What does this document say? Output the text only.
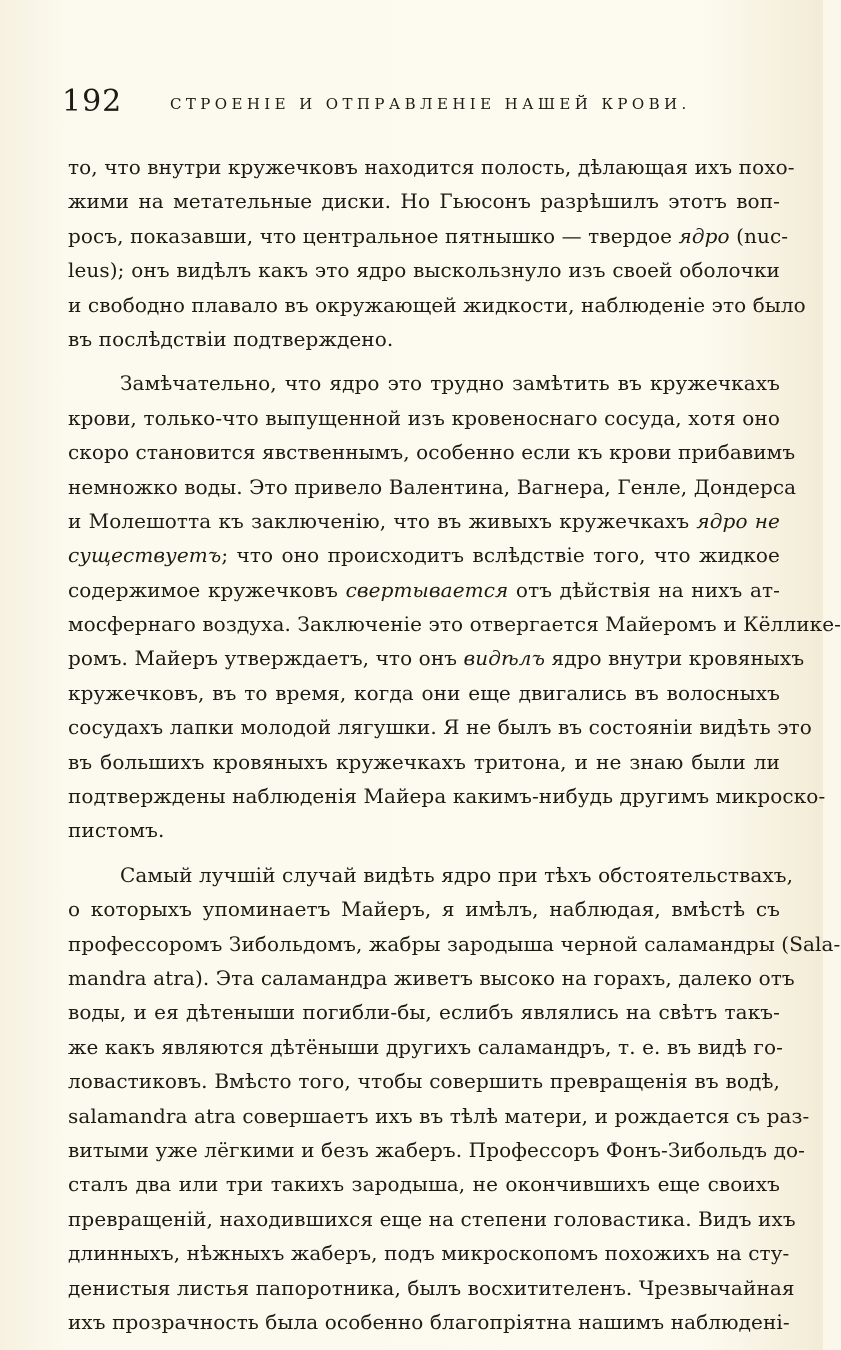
192	СТРОЕНІЕ И ОТПРАВЛЕНІЕ НАШЕЙ КРОВИ.
то, что внутри кружечковъ находится полость, дѣлающая ихъ похо-
жими на метательные диски. Но Гьюсонъ разрѣшилъ этотъ воп-
росъ, показавши, что центральное пятнышко — твердое ядро (nuc-
leus); онъ видѣлъ какъ это ядро выскользнуло изъ своей оболочки
и свободно плавало въ окружающей жидкости, наблюденіе это было
въ послѣдствіи подтверждено.
Замѣчательно, что ядро это трудно замѣтить въ кружечкахъ
крови, только-что выпущенной изъ кровеноснаго сосуда, хотя оно
скоро становится явственнымъ, особенно если къ крови прибавимъ
немножко воды. Это привело Валентина, Вагнера, Генле, Дондерса
и Молешотта къ заключенію, что въ живыхъ кружечкахъ ядро не
существуетъ; что оно происходитъ вслѣдствіе того, что жидкое
содержимое кружечковъ свертывается отъ дѣйствія на нихъ ат-
мосфернаго воздуха. Заключеніе это отвергается Майеромъ и Кёллике-
ромъ. Майеръ утверждаетъ, что онъ видѣлъ ядро внутри кровяныхъ
кружечковъ, въ то время, когда они еще двигались въ волосныхъ
сосудахъ лапки молодой лягушки. Я не былъ въ состояніи видѣть это
въ большихъ кровяныхъ кружечкахъ тритона, и не знаю были ли
подтверждены наблюденія Майера какимъ-нибудь другимъ микроско-
пистомъ.
Самый лучшій случай видѣть ядро при тѣхъ обстоятельствахъ,
о которыхъ упоминаетъ Майеръ, я имѣлъ, наблюдая, вмѣстѣ съ
профессоромъ Зибольдомъ, жабры зародыша черной саламандры (Sala-
mandra atra). Эта саламандра живетъ высоко на горахъ, далеко отъ
воды, и ея дѣтеныши погибли-бы, еслибъ являлись на свѣтъ такъ-
же какъ являются дѣтёныши другихъ саламандръ, т. е. въ видѣ го-
ловастиковъ. Вмѣсто того, чтобы совершить превращенія въ водѣ,
salamandra atra совершаетъ ихъ въ тѣлѣ матери, и рождается съ раз-
витыми уже лёгкими и безъ жаберъ. Профессоръ Фонъ-Зибольдъ до-
сталъ два или три такихъ зародыша, не окончившихъ еще своихъ
превращеній, находившихся еще на степени головастика. Видъ ихъ
длинныхъ, нѣжныхъ жаберъ, подъ микроскопомъ похожихъ на сту-
денистыя листья папоротника, былъ восхитителенъ. Чрезвычайная
ихъ прозрачность была особенно благопріятна нашимъ наблюдені-
